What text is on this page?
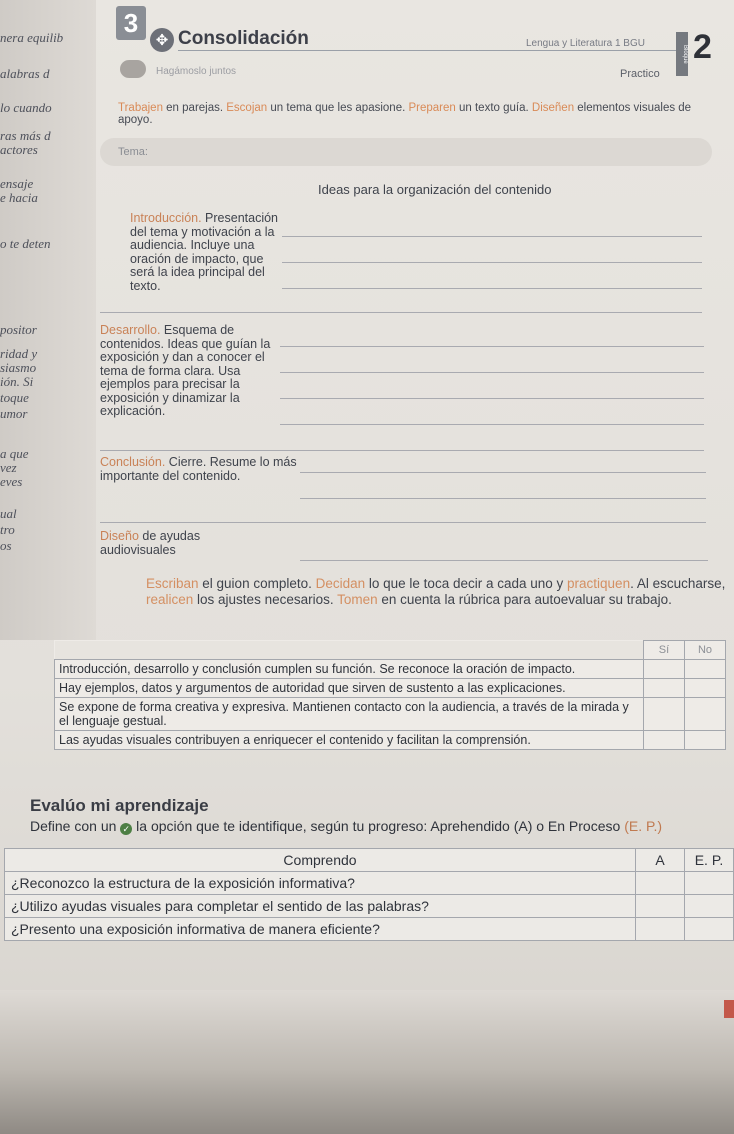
nera equilib
alabras d
lo cuando
ras más d
actores
ensaje
e hacia
o te deten
positor
ridad y
siasmo
ión. Si
toque
umor
a que
vez
eves
ual
tro
os
3
✥ Consolidación	Lengua y Literatura 1 BGU
Bloque 2
Practico
Hagámoslo juntos
Trabajen en parejas. Escojan un tema que les apasione. Preparen un texto guía. Diseñen elementos visuales de apoyo.
Tema:
Ideas para la organización del contenido
Introducción. Presentación del tema y motivación a la audiencia. Incluye una oración de impacto, que será la idea principal del texto.
Desarrollo. Esquema de contenidos. Ideas que guían la exposición y dan a conocer el tema de forma clara. Usa ejemplos para precisar la exposición y dinamizar la explicación.
Conclusión. Cierre. Resume lo más importante del contenido.
Diseño de ayudas audiovisuales
Escriban el guion completo. Decidan lo que le toca decir a cada uno y practiquen. Al escucharse, realicen los ajustes necesarios. Tomen en cuenta la rúbrica para autoevaluar su trabajo.
	Sí	No
Introducción, desarrollo y conclusión cumplen su función. Se reconoce la oración de impacto.		
Hay ejemplos, datos y argumentos de autoridad que sirven de sustento a las explicaciones.		
Se expone de forma creativa y expresiva. Mantienen contacto con la audiencia, a través de la mirada y el lenguaje gestual.		
Las ayudas visuales contribuyen a enriquecer el contenido y facilitan la comprensión.		
Evalúo mi aprendizaje
Define con un ✓ la opción que te identifique, según tu progreso: Aprehendido (A) o En Proceso (E. P.)
Comprendo	A	E. P.
¿Reconozco la estructura de la exposición informativa?		
¿Utilizo ayudas visuales para completar el sentido de las palabras?		
¿Presento una exposición informativa de manera eficiente?		
